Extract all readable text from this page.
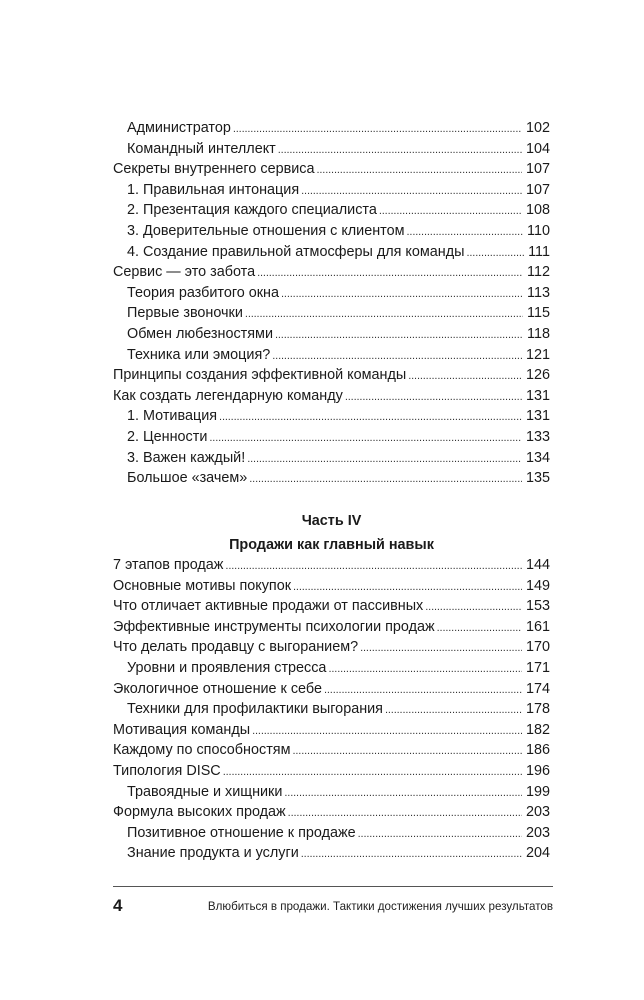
Администратор . . .	102
Командный интеллект . . .	104
Секреты внутреннего сервиса . . .	107
1. Правильная интонация . . .	107
2. Презентация каждого специалиста . . .	108
3. Доверительные отношения с клиентом . . .	110
4. Создание правильной атмосферы для команды . . .	111
Сервис — это забота . . .	112
Теория разбитого окна . . .	113
Первые звоночки . . .	115
Обмен любезностями . . .	118
Техника или эмоция? . . .	121
Принципы создания эффективной команды . . .	126
Как создать легендарную команду . . .	131
1. Мотивация . . .	131
2. Ценности . . .	133
3. Важен каждый! . . .	134
Большое «зачем» . . .	135
Часть IV
Продажи как главный навык
7 этапов продаж . . .	144
Основные мотивы покупок . . .	149
Что отличает активные продажи от пассивных . . .	153
Эффективные инструменты психологии продаж . . .	161
Что делать продавцу с выгоранием? . . .	170
Уровни и проявления стресса . . .	171
Экологичное отношение к себе . . .	174
Техники для профилактики выгорания . . .	178
Мотивация команды . . .	182
Каждому по способностям . . .	186
Типология DISC . . .	196
Травоядные и хищники . . .	199
Формула высоких продаж . . .	203
Позитивное отношение к продаже . . .	203
Знание продукта и услуги . . .	204
4	Влюбиться в продажи. Тактики достижения лучших результатов
